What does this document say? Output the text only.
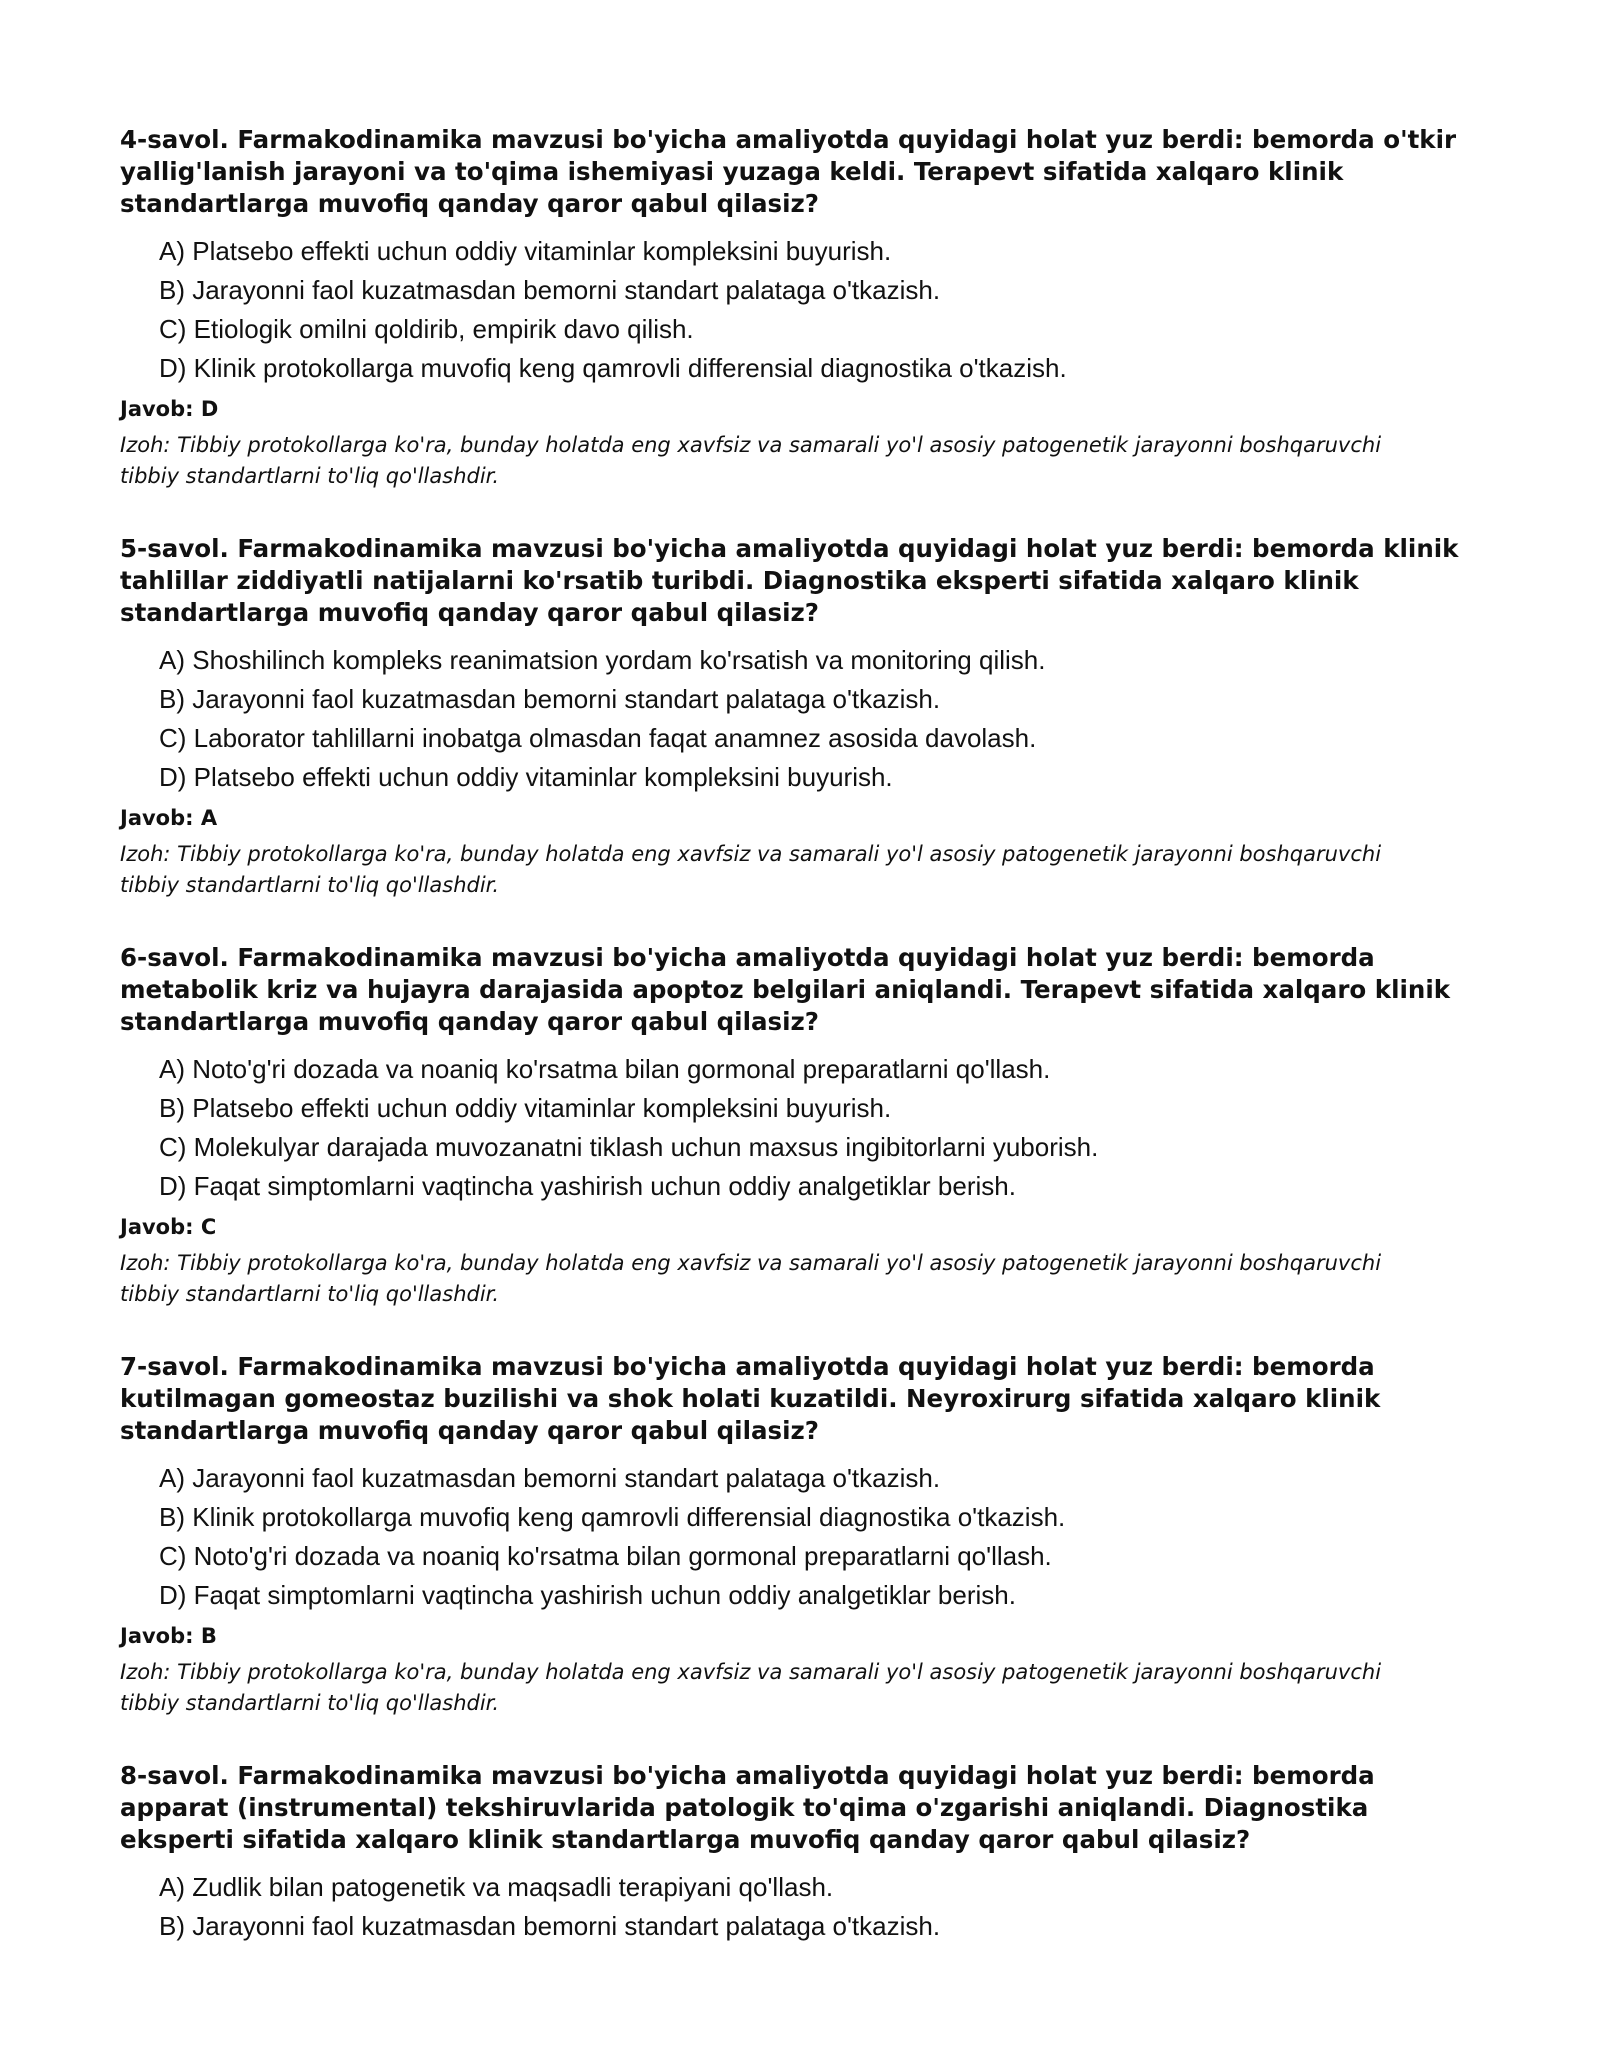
4-savol. Farmakodinamika mavzusi bo'yicha amaliyotda quyidagi holat yuz berdi: bemorda o'tkir yallig'lanish jarayoni va to'qima ishemiyasi yuzaga keldi. Terapevt sifatida xalqaro klinik standartlarga muvofiq qanday qaror qabul qilasiz?
A) Platsebo effekti uchun oddiy vitaminlar kompleksini buyurish.
B) Jarayonni faol kuzatmasdan bemorni standart palataga o'tkazish.
C) Etiologik omilni qoldirib, empirik davo qilish.
D) Klinik protokollarga muvofiq keng qamrovli differensial diagnostika o'tkazish.
Javob: D
Izoh: Tibbiy protokollarga ko'ra, bunday holatda eng xavfsiz va samarali yo'l asosiy patogenetik jarayonni boshqaruvchi tibbiy standartlarni to'liq qo'llashdir.
5-savol. Farmakodinamika mavzusi bo'yicha amaliyotda quyidagi holat yuz berdi: bemorda klinik tahlillar ziddiyatli natijalarni ko'rsatib turibdi. Diagnostika eksperti sifatida xalqaro klinik standartlarga muvofiq qanday qaror qabul qilasiz?
A) Shoshilinch kompleks reanimatsion yordam ko'rsatish va monitoring qilish.
B) Jarayonni faol kuzatmasdan bemorni standart palataga o'tkazish.
C) Laborator tahlillarni inobatga olmasdan faqat anamnez asosida davolash.
D) Platsebo effekti uchun oddiy vitaminlar kompleksini buyurish.
Javob: A
Izoh: Tibbiy protokollarga ko'ra, bunday holatda eng xavfsiz va samarali yo'l asosiy patogenetik jarayonni boshqaruvchi tibbiy standartlarni to'liq qo'llashdir.
6-savol. Farmakodinamika mavzusi bo'yicha amaliyotda quyidagi holat yuz berdi: bemorda metabolik kriz va hujayra darajasida apoptoz belgilari aniqlandi. Terapevt sifatida xalqaro klinik standartlarga muvofiq qanday qaror qabul qilasiz?
A) Noto'g'ri dozada va noaniq ko'rsatma bilan gormonal preparatlarni qo'llash.
B) Platsebo effekti uchun oddiy vitaminlar kompleksini buyurish.
C) Molekulyar darajada muvozanatni tiklash uchun maxsus ingibitorlarni yuborish.
D) Faqat simptomlarni vaqtincha yashirish uchun oddiy analgetiklar berish.
Javob: C
Izoh: Tibbiy protokollarga ko'ra, bunday holatda eng xavfsiz va samarali yo'l asosiy patogenetik jarayonni boshqaruvchi tibbiy standartlarni to'liq qo'llashdir.
7-savol. Farmakodinamika mavzusi bo'yicha amaliyotda quyidagi holat yuz berdi: bemorda kutilmagan gomeostaz buzilishi va shok holati kuzatildi. Neyroxirurg sifatida xalqaro klinik standartlarga muvofiq qanday qaror qabul qilasiz?
A) Jarayonni faol kuzatmasdan bemorni standart palataga o'tkazish.
B) Klinik protokollarga muvofiq keng qamrovli differensial diagnostika o'tkazish.
C) Noto'g'ri dozada va noaniq ko'rsatma bilan gormonal preparatlarni qo'llash.
D) Faqat simptomlarni vaqtincha yashirish uchun oddiy analgetiklar berish.
Javob: B
Izoh: Tibbiy protokollarga ko'ra, bunday holatda eng xavfsiz va samarali yo'l asosiy patogenetik jarayonni boshqaruvchi tibbiy standartlarni to'liq qo'llashdir.
8-savol. Farmakodinamika mavzusi bo'yicha amaliyotda quyidagi holat yuz berdi: bemorda apparat (instrumental) tekshiruvlarida patologik to'qima o'zgarishi aniqlandi. Diagnostika eksperti sifatida xalqaro klinik standartlarga muvofiq qanday qaror qabul qilasiz?
A) Zudlik bilan patogenetik va maqsadli terapiyani qo'llash.
B) Jarayonni faol kuzatmasdan bemorni standart palataga o'tkazish.
